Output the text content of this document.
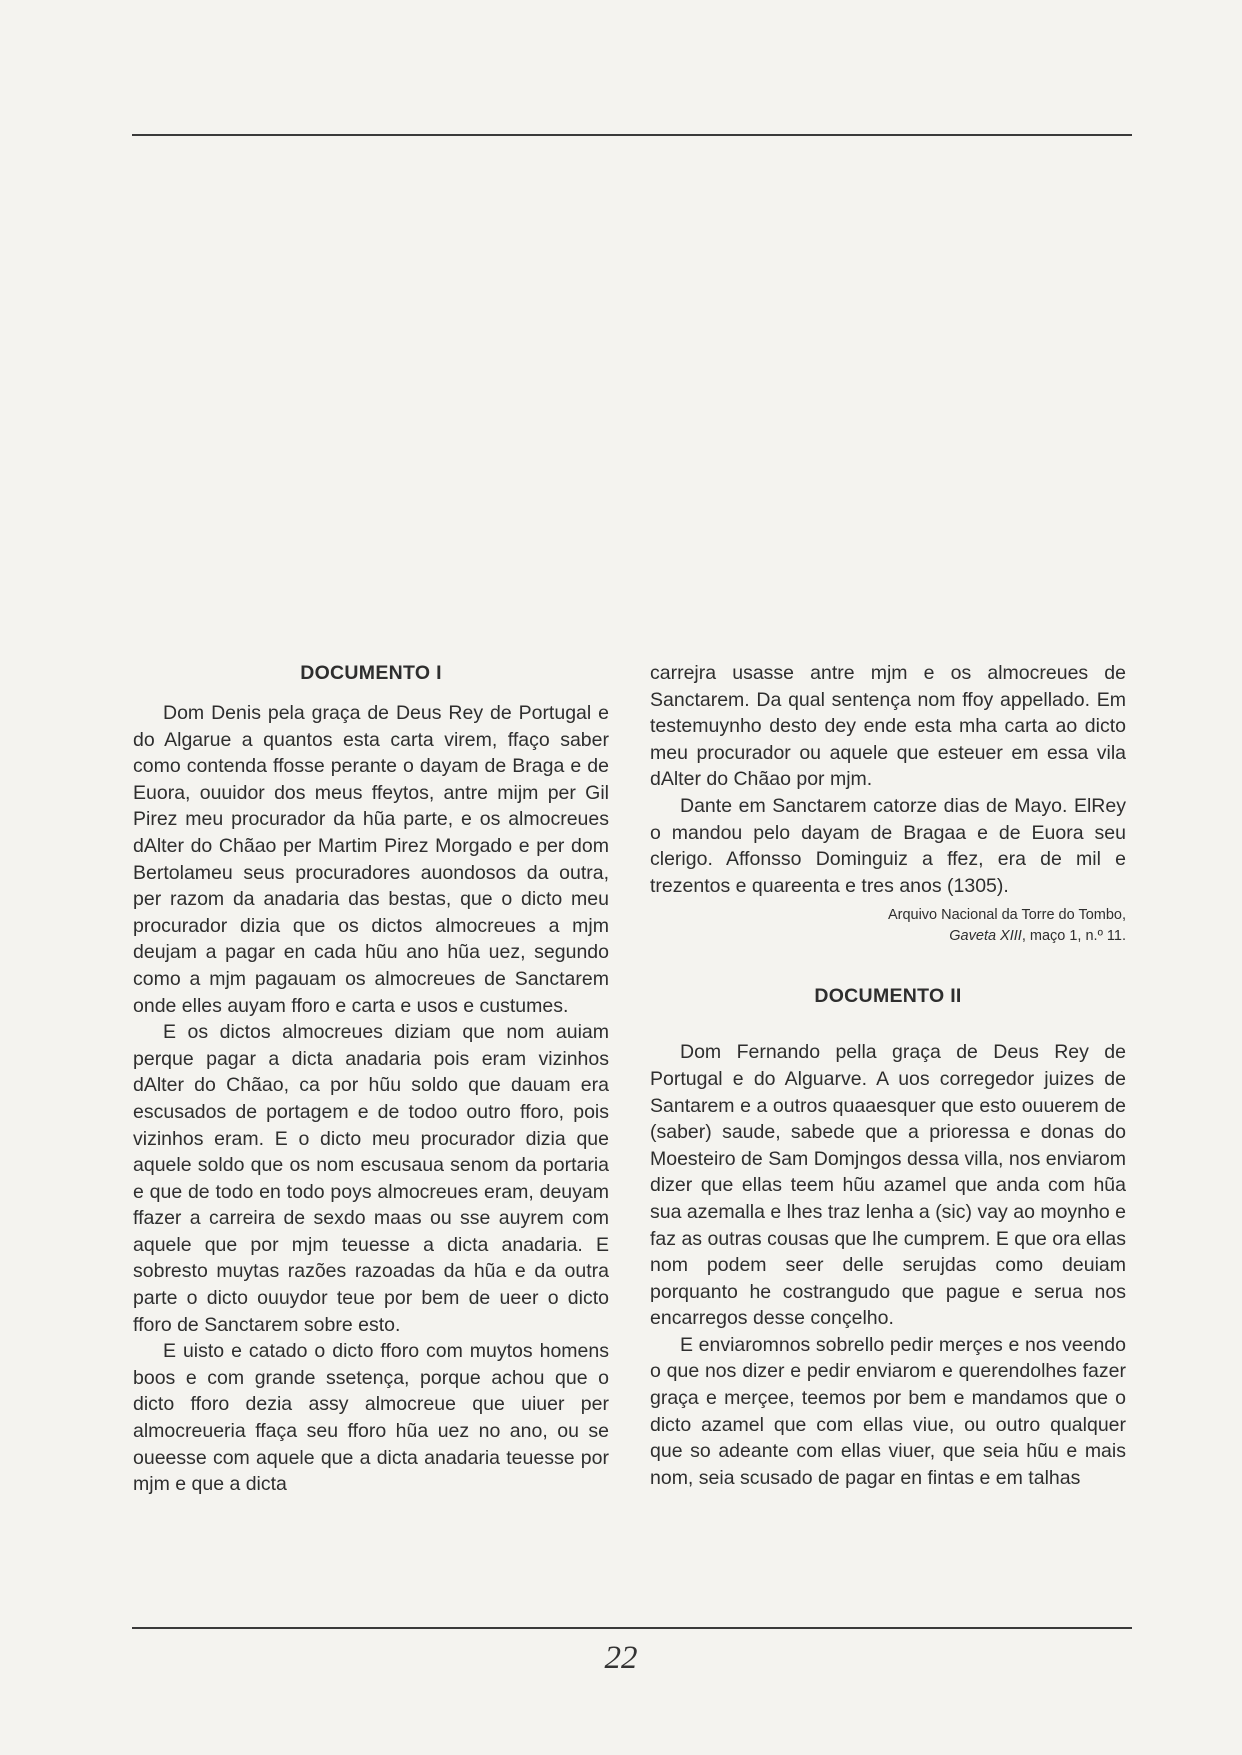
DOCUMENTO I

Dom Denis pela graça de Deus Rey de Portugal e do Algarue a quantos esta carta virem, ffaço saber como contenda ffosse perante o dayam de Braga e de Euora, ouuidor dos meus ffeytos, antre mijm per Gil Pirez meu procurador da hũa parte, e os almocreues dAlter do Chãao per Martim Pirez Morgado e per dom Bertolameu seus procuradores auondosos da outra, per razom da anadaria das bestas, que o dicto meu procurador dizia que os dictos almocreues a mjm deujam a pagar en cada hũu ano hũa uez, segundo como a mjm pagauam os almocreues de Sanctarem onde elles auyam fforo e carta e usos e custumes.

E os dictos almocreues diziam que nom auiam perque pagar a dicta anadaria pois eram vizinhos dAlter do Chãao, ca por hũu soldo que dauam era escusados de portagem e de todoo outro fforo, pois vizinhos eram. E o dicto meu procurador dizia que aquele soldo que os nom escusaua senom da portaria e que de todo en todo poys almocreues eram, deuyam ffazer a carreira de sexdo maas ou sse auyrem com aquele que por mjm teuesse a dicta anadaria. E sobresto muytas razões razoadas da hũa e da outra parte o dicto ouuydor teue por bem de ueer o dicto fforo de Sanctarem sobre esto.

E uisto e catado o dicto fforo com muytos homens boos e com grande ssetença, porque achou que o dicto fforo dezia assy almocreue que uiuer per almocreueria ffaça seu fforo hũa uez no ano, ou se oueesse com aquele que a dicta anadaria teuesse por mjm e que a dicta

carrejra usasse antre mjm e os almocreues de Sanctarem. Da qual sentença nom ffoy appellado. Em testemuynho desto dey ende esta mha carta ao dicto meu procurador ou aquele que esteuer em essa vila dAlter do Chãao por mjm.

Dante em Sanctarem catorze dias de Mayo. ElRey o mandou pelo dayam de Bragaa e de Euora seu clerigo. Affonsso Dominguiz a ffez, era de mil e trezentos e quareenta e tres anos (1305).

Arquivo Nacional da Torre do Tombo,
Gaveta XIII, maço 1, n.º 11.
DOCUMENTO II

Dom Fernando pella graça de Deus Rey de Portugal e do Alguarve. A uos corregedor juizes de Santarem e a outros quaaesquer que esto ouuerem de (saber) saude, sabede que a prioressa e donas do Moesteiro de Sam Domjngos dessa villa, nos enviarom dizer que ellas teem hũu azamel que anda com hũa sua azemalla e lhes traz lenha a (sic) vay ao moynho e faz as outras cousas que lhe cumprem. E que ora ellas nom podem seer delle serujdas como deuiam porquanto he costrangudo que pague e serua nos encarregos desse conçelho.

E enviaromnos sobrello pedir merçes e nos veendo o que nos dizer e pedir enviarom e querendolhes fazer graça e merçee, teemos por bem e mandamos que o dicto azamel que com ellas viue, ou outro qualquer que so adeante com ellas viuer, que seia hũu e mais nom, seia scusado de pagar en fintas e em talhas

22
